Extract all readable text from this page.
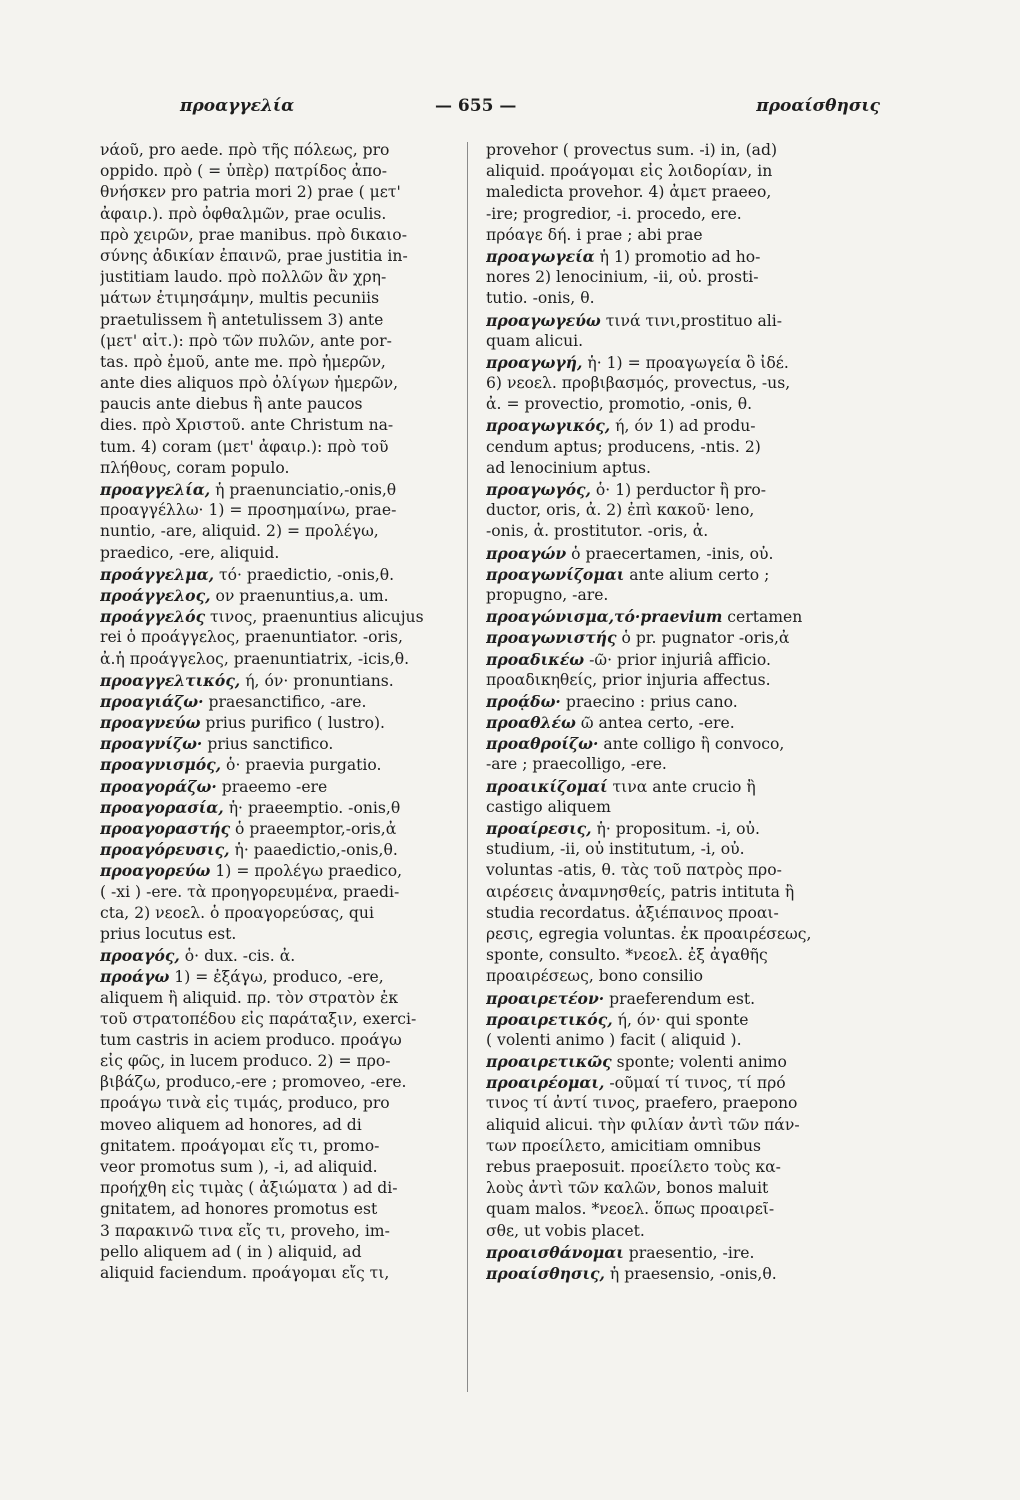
προαγγελία	— 655 —	προαίσθησις
νάοῦ, pro aede. πρὸ τῆς πόλεως, pro
oppido. πρὸ ( = ὑπὲρ) πατρίδος ἀπο-
θνήσκεν pro patria mori 2) prae ( μετ'
ἀφαιρ.). πρὸ ὀφθαλμῶν, prae oculis.
πρὸ χειρῶν, prae manibus. πρὸ δικαιο-
σύνης ἀδικίαν ἐπαινῶ, prae justitia in-
justitiam laudo. πρὸ πολλῶν ἂν χρη-
μάτων ἐτιμησάμην, multis pecuniis
praetulissem ἢ antetulissem 3) ante
(μετ' αἰτ.): πρὸ τῶν πυλῶν, ante por-
tas. πρὸ ἐμοῦ, ante me. πρὸ ἡμερῶν,
ante dies aliquos πρὸ ὀλίγων ἡμερῶν,
paucis ante diebus ἢ ante paucos
dies. πρὸ Χριστοῦ. ante Christum na-
tum. 4) coram (μετ' ἀφαιρ.): πρὸ τοῦ
πλήθους, coram populo.
προαγγελία, ἡ praenunciatio,-onis,θ
προαγγέλλω· 1) = προσημαίνω, prae-
nuntio, -are, aliquid. 2) = προλέγω,
praedico, -ere, aliquid.
προάγγελμα, τό· praedictio, -onis,θ.
προάγγελος, ον praenuntius,a. um.
προάγγελός τινος, praenuntius alicujus
rei ὁ προάγγελος, praenuntiator. -oris,
ἀ.ἡ προάγγελος, praenuntiatrix, -icis,θ.
προαγγελτικός, ή, όν· pronuntians.
προαγιάζω· praesanctifico, -are.
προαγνεύω prius purifico ( lustro).
προαγνίζω· prius sanctifico.
προαγνισμός, ὁ· praevia purgatio.
προαγοράζω· praeemo -ere
προαγορασία, ἡ· praeemptio. -onis,θ
προαγοραστής ὁ praeemptor,-oris,ἀ
προαγόρευσις, ἡ· paaedictio,-onis,θ.
προαγορεύω 1) = προλέγω praedico,
( -xi ) -ere. τὰ προηγορευμένα, praedi-
cta, 2) νεοελ. ὁ προαγορεύσας, qui
prius locutus est.
προαγός, ὁ· dux. -cis. ἀ.
προάγω 1) = ἐξάγω, produco, -ere,
aliquem ἢ aliquid. πρ. τὸν στρατὸν ἐκ
τοῦ στρατοπέδου εἰς παράταξιν, exerci-
tum castris in aciem produco. προάγω
εἰς φῶς, in lucem produco. 2) = προ-
βιβάζω, produco,-ere ; promoveo, -ere.
προάγω τινὰ εἰς τιμάς, produco, pro
moveo aliquem ad honores, ad di
gnitatem. προάγομαι εἴς τι, promo-
veor promotus sum ), -i, ad aliquid.
προήχθη εἰς τιμὰς ( ἀξιώματα ) ad di-
gnitatem, ad honores promotus est
3 παρακινῶ τινα εἴς τι, proveho, im-
pello aliquem ad ( in ) aliquid, ad
aliquid faciendum. προάγομαι εἴς τι,
provehor ( provectus sum. -i) in, (ad)
aliquid. προάγομαι εἰς λοιδορίαν, in
maledicta provehor. 4) ἀμετ praeeo,
-ire; progredior, -i. procedo, ere.
πρόαγε δή. i prae ; abi prae
προαγωγεία ἡ 1) promotio ad ho-
nores 2) lenocinium, -ii, οὐ. prosti-
tutio. -onis, θ.
προαγωγεύω τινά τινι,prostituo ali-
quam alicui.
προαγωγή, ἡ· 1) = προαγωγεία ὃ ἰδέ.
6) νεοελ. προβιβασμός, provectus, -us,
ἀ. = provectio, promotio, -onis, θ.
προαγωγικός, ή, όν 1) ad produ-
cendum aptus; producens, -ntis. 2)
ad lenocinium aptus.
προαγωγός, ὁ· 1) perductor ἢ pro-
ductor, oris, ἀ. 2) ἐπὶ κακοῦ· leno,
-onis, ἀ. prostitutor. -oris, ἀ.
προαγών ὁ praecertamen, -inis, οὐ.
προαγωνίζομαι ante alium certo ;
propugno, -are.
προαγώνισμα,τό·praevium certamen
προαγωνιστής ὁ pr. pugnator -oris,ἀ
προαδικέω -ῶ· prior injuriâ afficio.
προαδικηθείς, prior injuria affectus.
προᾴδω· praecino : prius cano.
προαθλέω ῶ antea certo, -ere.
προαθροίζω· ante colligo ἢ convoco,
-are ; praecolligo, -ere.
προαικίζομαί τινα ante crucio ἢ
castigo aliquem
προαίρεσις, ἡ· propositum. -i, οὐ.
studium, -ii, οὐ institutum, -i, οὐ.
voluntas -atis, θ. τὰς τοῦ πατρὸς προ-
αιρέσεις ἀναμνησθείς, patris intituta ἢ
studia recordatus. ἀξιέπαινος προαι-
ρεσις, egregia voluntas. ἐκ προαιρέσεως,
sponte, consulto. *νεοελ. ἐξ ἀγαθῆς
προαιρέσεως, bono consilio
προαιρετέον· praeferendum est.
προαιρετικός, ή, όν· qui sponte
( volenti animo ) facit ( aliquid ).
προαιρετικῶς sponte; volenti animo
προαιρέομαι, -οῦμαί τί τινος, τί πρό
τινος τί ἀντί τινος, praefero, praepono
aliquid alicui. τὴν φιλίαν ἀντὶ τῶν πάν-
των προείλετο, amicitiam omnibus
rebus praeposuit. προείλετο τοὺς κα-
λοὺς ἀντὶ τῶν καλῶν, bonos maluit
quam malos. *νεοελ. ὅπως προαιρεῖ-
σθε, ut vobis placet.
προαισθάνομαι praesentio, -ire.
προαίσθησις, ἡ praesensio, -onis,θ.
